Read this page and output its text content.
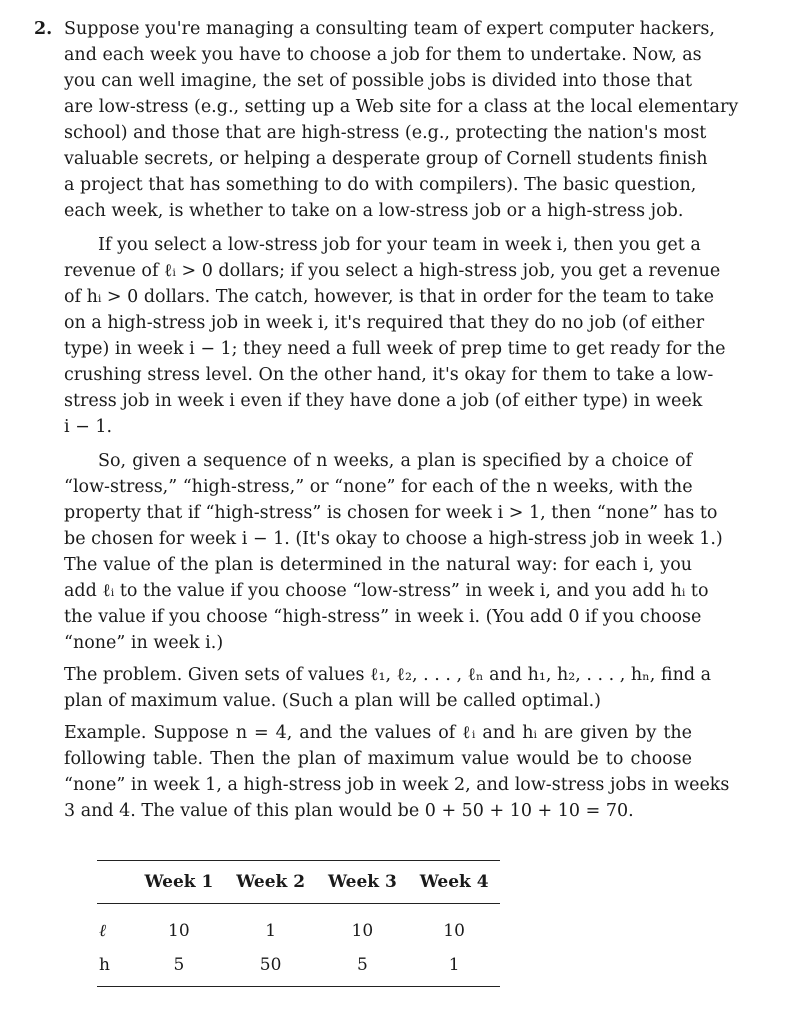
2. Suppose you're managing a consulting team of expert computer hackers,
and each week you have to choose a job for them to undertake. Now, as
you can well imagine, the set of possible jobs is divided into those that
are low-stress (e.g., setting up a Web site for a class at the local elementary
school) and those that are high-stress (e.g., protecting the nation's most
valuable secrets, or helping a desperate group of Cornell students finish
a project that has something to do with compilers). The basic question,
each week, is whether to take on a low-stress job or a high-stress job.
If you select a low-stress job for your team in week i, then you get a
revenue of ℓᵢ > 0 dollars; if you select a high-stress job, you get a revenue
of hᵢ > 0 dollars. The catch, however, is that in order for the team to take
on a high-stress job in week i, it's required that they do no job (of either
type) in week i − 1; they need a full week of prep time to get ready for the
crushing stress level. On the other hand, it's okay for them to take a low-
stress job in week i even if they have done a job (of either type) in week
i − 1.
So, given a sequence of n weeks, a plan is specified by a choice of
“low-stress,” “high-stress,” or “none” for each of the n weeks, with the
property that if “high-stress” is chosen for week i > 1, then “none” has to
be chosen for week i − 1. (It's okay to choose a high-stress job in week 1.)
The value of the plan is determined in the natural way: for each i, you
add ℓᵢ to the value if you choose “low-stress” in week i, and you add hᵢ to
the value if you choose “high-stress” in week i. (You add 0 if you choose
“none” in week i.)
The problem. Given sets of values ℓ₁, ℓ₂, . . . , ℓₙ and h₁, h₂, . . . , hₙ, find a
plan of maximum value. (Such a plan will be called optimal.)
Example. Suppose n = 4, and the values of ℓᵢ and hᵢ are given by the
following table. Then the plan of maximum value would be to choose
“none” in week 1, a high-stress job in week 2, and low-stress jobs in weeks
3 and 4. The value of this plan would be 0 + 50 + 10 + 10 = 70.
	Week 1	Week 2	Week 3	Week 4
ℓ	10	1	10	10
h	5	50	5	1
